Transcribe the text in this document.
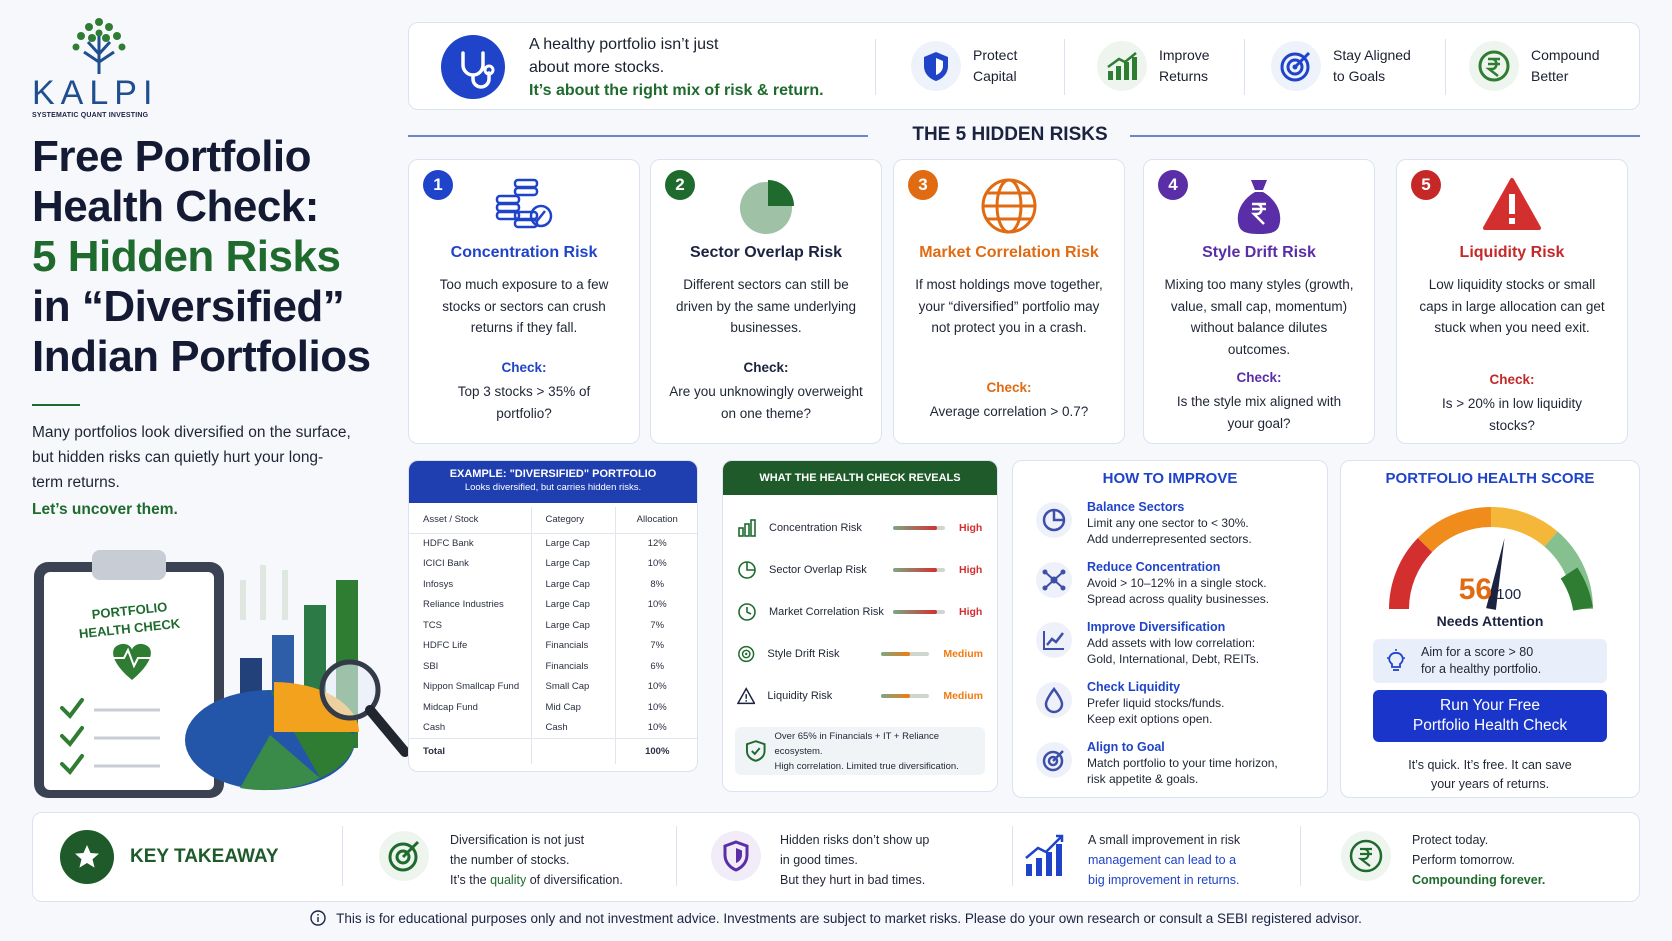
KALPI
SYSTEMATIC QUANT INVESTING
Free Portfolio
Health Check:
5 Hidden Risks
in “Diversified”
Indian Portfolios
Many portfolios look diversified on the surface, but hidden risks can quietly hurt your long-term returns.
Let’s uncover them.
PORTFOLIO
HEALTH CHECK
A healthy portfolio isn’t just
about more stocks.
It’s about the right mix of risk & return.
Protect
Capital
Improve
Returns
Stay Aligned
to Goals
Compound
Better
THE 5 HIDDEN RISKS
1
Concentration Risk
Too much exposure to a few stocks or sectors can crush returns if they fall.
Check:
Top 3 stocks > 35% of portfolio?
2
Sector Overlap Risk
Different sectors can still be driven by the same underlying businesses.
Check:
Are you unknowingly overweight on one theme?
3
Market Correlation Risk
If most holdings move together, your “diversified” portfolio may not protect you in a crash.
Check:
Average correlation > 0.7?
4
Style Drift Risk
Mixing too many styles (growth, value, small cap, momentum) without balance dilutes outcomes.
Check:
Is the style mix aligned with your goal?
5
Liquidity Risk
Low liquidity stocks or small caps in large allocation can get stuck when you need exit.
Check:
Is > 20% in low liquidity stocks?
EXAMPLE: "DIVERSIFIED" PORTFOLIO
Looks diversified, but carries hidden risks.
Asset / Stock	Category	Allocation
HDFC Bank	Large Cap	12%
ICICI Bank	Large Cap	10%
Infosys	Large Cap	8%
Reliance Industries	Large Cap	10%
TCS	Large Cap	7%
HDFC Life	Financials	7%
SBI	Financials	6%
Nippon Smallcap Fund	Small Cap	10%
Midcap Fund	Mid Cap	10%
Cash	Cash	10%
Total		100%
WHAT THE HEALTH CHECK REVEALS
Concentration Risk	High
Sector Overlap Risk	High
Market Correlation Risk	High
Style Drift Risk	Medium
Liquidity Risk	Medium
Over 65% in Financials + IT + Reliance ecosystem.
High correlation. Limited true diversification.
HOW TO IMPROVE
Balance Sectors
Limit any one sector to < 30%.
Add underrepresented sectors.
Reduce Concentration
Avoid > 10–12% in a single stock.
Spread across quality businesses.
Improve Diversification
Add assets with low correlation:
Gold, International, Debt, REITs.
Check Liquidity
Prefer liquid stocks/funds.
Keep exit options open.
Align to Goal
Match portfolio to your time horizon,
risk appetite & goals.
PORTFOLIO HEALTH SCORE
56/100
Needs Attention
Aim for a score > 80
for a healthy portfolio.
Run Your Free
Portfolio Health Check
It’s quick. It’s free. It can save
your years of returns.
KEY TAKEAWAY
Diversification is not just
the number of stocks.
It’s the quality of diversification.
Hidden risks don’t show up
in good times.
But they hurt in bad times.
A small improvement in risk
management can lead to a
big improvement in returns.
Protect today.
Perform tomorrow.
Compounding forever.
This is for educational purposes only and not investment advice. Investments are subject to market risks. Please do your own research or consult a SEBI registered advisor.
